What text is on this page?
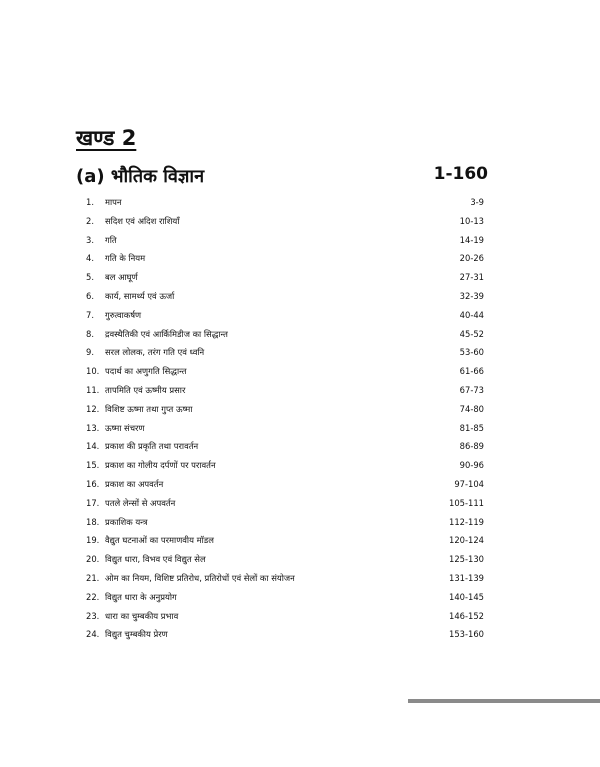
खण्ड 2
(a) भौतिक विज्ञान	1-160
1. मापन	3-9
2. सदिश एवं अदिश राशियाँ	10-13
3. गति	14-19
4. गति के नियम	20-26
5. बल आघूर्ण	27-31
6. कार्य, सामर्थ्य एवं ऊर्जा	32-39
7. गुरुत्वाकर्षण	40-44
8. द्रवस्थैतिकी एवं आर्किमिडीज का सिद्धान्त	45-52
9. सरल लोलक, तरंग गति एवं ध्वनि	53-60
10. पदार्थ का अणुगति सिद्धान्त	61-66
11. तापमिति एवं ऊष्मीय प्रसार	67-73
12. विशिष्ट ऊष्मा तथा गुप्त ऊष्मा	74-80
13. ऊष्मा संचरण	81-85
14. प्रकाश की प्रकृति तथा परावर्तन	86-89
15. प्रकाश का गोलीय दर्पणों पर परावर्तन	90-96
16. प्रकाश का अपवर्तन	97-104
17. पतले लेन्सों से अपवर्तन	105-111
18. प्रकाशिक यन्त्र	112-119
19. वैद्युत घटनाओं का परमाणवीय मॉडल	120-124
20. विद्युत धारा, विभव एवं विद्युत सेल	125-130
21. ओम का नियम, विशिष्ट प्रतिरोध, प्रतिरोधों एवं सेलों का संयोजन	131-139
22. विद्युत धारा के अनुप्रयोग	140-145
23. धारा का चुम्बकीय प्रभाव	146-152
24. विद्युत चुम्बकीय प्रेरण	153-160
